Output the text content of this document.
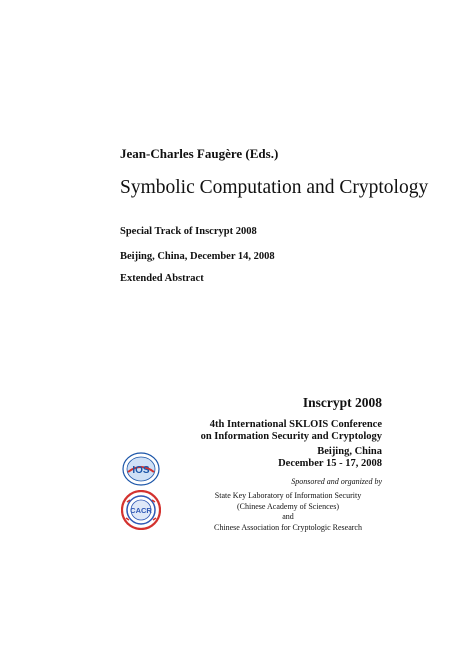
Jean-Charles Faugère (Eds.)
Symbolic Computation and Cryptology
Special Track of Inscrypt 2008
Beijing, China, December 14, 2008
Extended Abstract
Inscrypt 2008
4th International SKLOIS Conference
on Information Security and Cryptology
Beijing, China
December 15 - 17, 2008
Sponsored and organized by
State Key Laboratory of Information Security
(Chinese Academy of Sciences)
and
Chinese Association for Cryptologic Research
IOS
CACR
